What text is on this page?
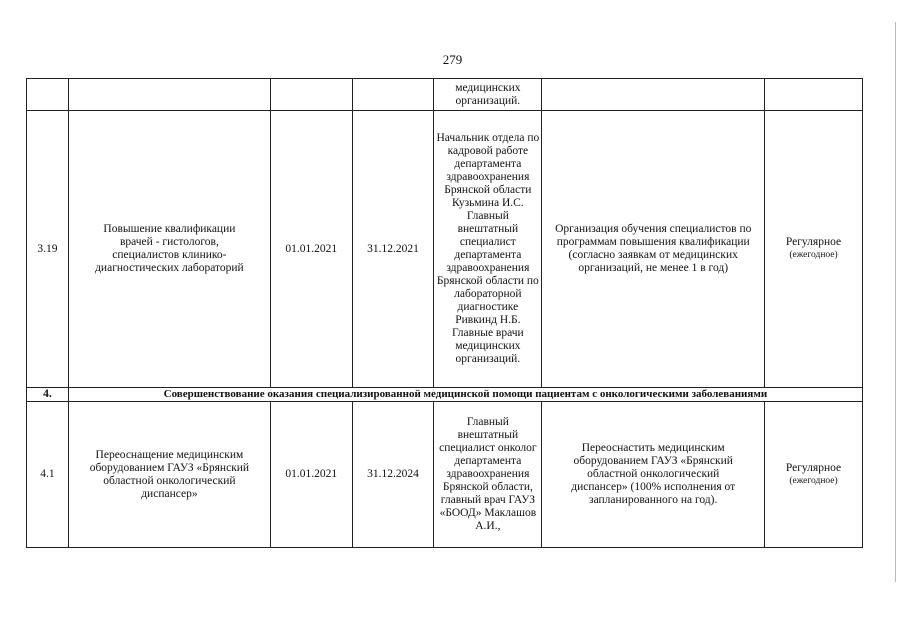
279
				медицинских организаций.		
3.19	Повышение квалификации врачей - гистологов, специалистов клинико-диагностических лабораторий	01.01.2021	31.12.2021	Начальник отдела по кадровой работе департамента здравоохранения Брянской области Кузьмина И.С. Главный внештатный специалист департамента здравоохранения Брянской области по лабораторной диагностике Ривкинд Н.Б. Главные врачи медицинских организаций.	Организация обучения специалистов по программам повышения квалификации (согласно заявкам от медицинских организаций, не менее 1 в год)	Регулярное
(ежегодное)

4.	Совершенствование оказания специализированной медицинской помощи пациентам с онкологическими заболеваниями					
4.1	Переоснащение медицинским оборудованием ГАУЗ «Брянский областной онкологический диспансер»	01.01.2021	31.12.2024	Главный внештатный специалист онколог департамента здравоохранения Брянской области, главный врач ГАУЗ «БООД» Маклашов А.И.,	Переоснастить медицинским оборудованием ГАУЗ «Брянский областной онкологический диспансер» (100% исполнения от запланированного на год).	Регулярное
(ежегодное)
